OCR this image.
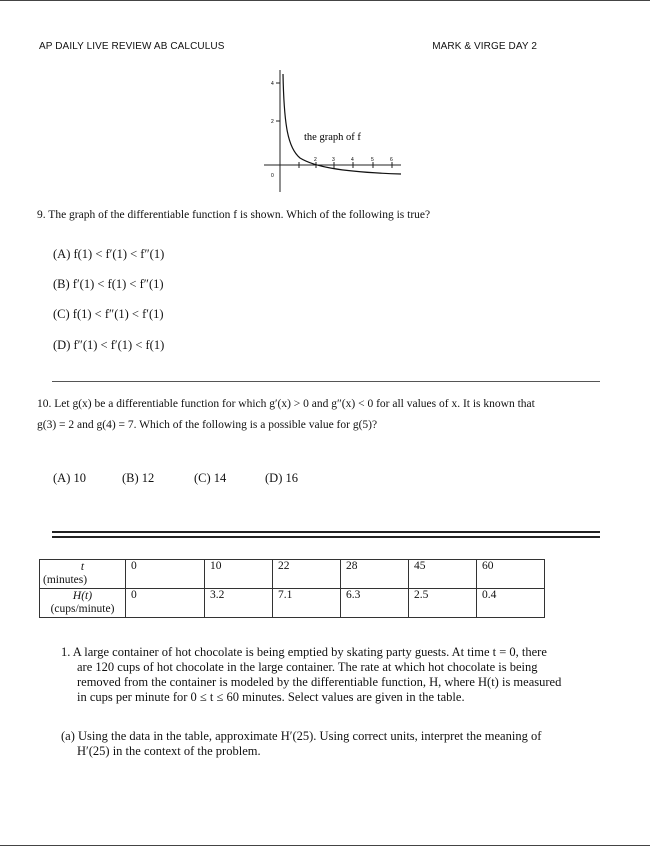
AP DAILY LIVE REVIEW AB CALCULUS	MARK & VIRGE DAY 2
4
2
0
2	3	4	5	6
the graph of f
9. The graph of the differentiable function f is shown. Which of the following is true?
(A) f(1) < f′(1) < f″(1)
(B) f′(1) < f(1) < f″(1)
(C) f(1) < f″(1) < f′(1)
(D) f″(1) < f′(1) < f(1)
10. Let g(x) be a differentiable function for which g′(x) > 0 and g″(x) < 0 for all values of x. It is known that
g(3) = 2 and g(4) = 7. Which of the following is a possible value for g(5)?
(A) 10	(B) 12	(C) 14	(D) 16
t
(minutes)	0	10	22	28	45	60

H(t)
(cups/minute)	0	3.2	7.1	6.3	2.5	0.4
1. A large container of hot chocolate is being emptied by skating party guests. At time t = 0, there
are 120 cups of hot chocolate in the large container. The rate at which hot chocolate is being
removed from the container is modeled by the differentiable function, H, where H(t) is measured
in cups per minute for 0 ≤ t ≤ 60 minutes. Select values are given in the table.
(a) Using the data in the table, approximate H′(25). Using correct units, interpret the meaning of
H′(25) in the context of the problem.
